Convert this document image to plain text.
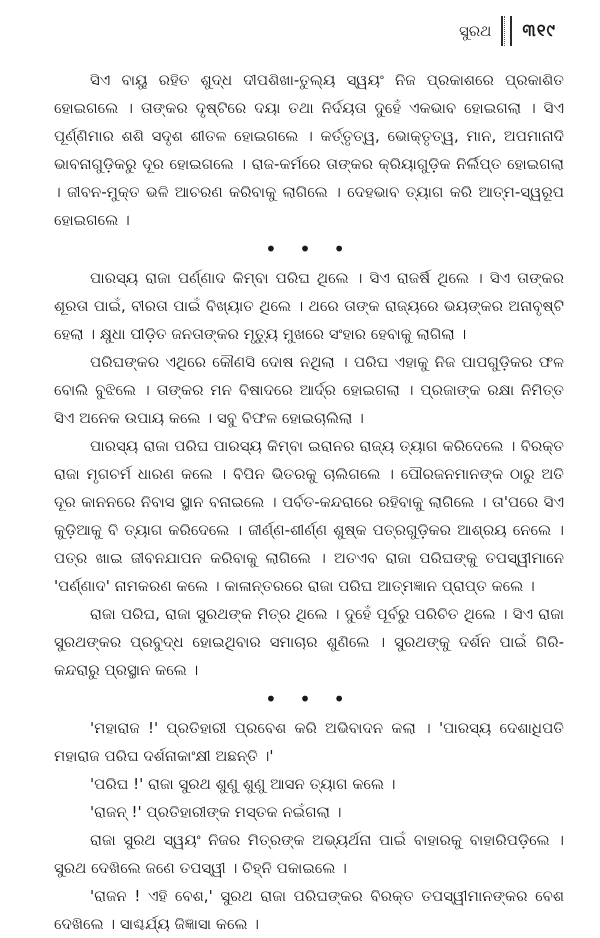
ସୁରଥ ୩୧୯

ସିଏ ବାୟୁ ରହିତ ଶୁଦ୍ଧ ଦୀପଶିଖା-ତୁଲ୍ୟ ସ୍ୱୟଂ ନିଜ ପ୍ରକାଶରେ ପ୍ରକାଶିତ ହୋଇଗଲେ । ତାଙ୍କର ଦୃଷ୍ଟିରେ ଦୟା ତଥା ନିର୍ଦୟତା ଦୁହେଁ ଏକଭାବ ହୋଇଗଲା । ସିଏ ପୂର୍ଣ୍ଣିମାର ଶଶି ସଦୃଶ ଶୀତଳ ହୋଇଗଲେ । କର୍ତ୍ତୃତ୍ୱ, ଭୋକ୍ତୃତ୍ୱ, ମାନ, ଅପମାନାଦି ଭାବନାଗୁଡ଼ିକରୁ ଦୂର ହୋଇଗଲେ । ରାଜ-କର୍ମରେ ତାଙ୍କର କ୍ରିୟାଗୁଡ଼ିକ ନିର୍ଲିପ୍ତ ହୋଇଗଲା । ଜୀବନ-ମୁକ୍ତ ଭଳି ଆଚରଣ କରିବାକୁ ଲାଗିଲେ । ଦେହଭାବ ତ୍ୟାଗ କରି ଆତ୍ମ-ସ୍ୱରୂପ ହୋଇଗଲେ ।

• • •

ପାରସ୍ୟ ରାଜା ପର୍ଣ୍ଣାଦ କିମ୍ବା ପରିଘ ଥିଲେ । ସିଏ ରାଜର୍ଷି ଥିଲେ । ସିଏ ତାଙ୍କର ଶୂରତା ପାଇଁ, ବୀରତା ପାଇଁ ବିଖ୍ୟାତ ଥିଲେ । ଥରେ ତାଙ୍କ ରାଜ୍ୟରେ ଭୟଙ୍କର ଅନାବୃଷ୍ଟି ହେଲା । କ୍ଷୁଧା ପୀଡ଼ିତ ଜନତାଙ୍କର ମୃତ୍ୟୁ ମୁଖରେ ସଂହାର ହେବାକୁ ଲାଗିଲା ।

ପରିଘଙ୍କର ଏଥିରେ କୌଣସି ଦୋଷ ନଥିଲା । ପରିଘ ଏହାକୁ ନିଜ ପାପଗୁଡ଼ିକର ଫଳ ବୋଲି ବୁଝିଲେ । ତାଙ୍କର ମନ ବିଷାଦରେ ଆର୍ଦ୍ର ହୋଇଗଲା । ପ୍ରଜାଙ୍କ ରକ୍ଷା ନିମିତ୍ତ ସିଏ ଅନେକ ଉପାୟ କଲେ । ସବୁ ବିଫଳ ହୋଇଚାଲିଲା ।

ପାରସ୍ୟ ରାଜା ପରିଘ ପାରସ୍ୟ କିମ୍ବା ଇରାନର ରାଜ୍ୟ ତ୍ୟାଗ କରିଦେଲେ । ବିରକ୍ତ ରାଜା ମୃଗଚର୍ମ ଧାରଣ କଲେ । ବିପିନ ଭିତରକୁ ଚାଲିଗଲେ । ପୌରଜନମାନଙ୍କ ଠାରୁ ଅତି ଦୂର କାନନରେ ନିବାସ ସ୍ଥାନ ବନାଇଲେ । ପର୍ବତ-କନ୍ଦରାରେ ରହିବାକୁ ଲାଗିଲେ । ତା'ପରେ ସିଏ କୁଡ଼ିଆକୁ ବି ତ୍ୟାଗ କରିଦେଲେ । ଜୀର୍ଣ୍ଣ-ଶୀର୍ଣ୍ଣ ଶୁଷ୍କ ପତ୍ରଗୁଡ଼ିକର ଆଶ୍ରୟ ନେଲେ । ପତ୍ର ଖାଇ ଜୀବନଯାପନ କରିବାକୁ ଲାଗିଲେ । ଅତଏବ ରାଜା ପରିଘଙ୍କୁ ତପସ୍ୱୀମାନେ 'ପର୍ଣ୍ଣାଦ' ନାମକରଣ କଲେ । କାଳାନ୍ତରରେ ରାଜା ପରିଘ ଆତ୍ମଜ୍ଞାନ ପ୍ରାପ୍ତ କଲେ ।

ରାଜା ପରିଘ, ରାଜା ସୁରଥଙ୍କ ମିତ୍ର ଥିଲେ । ଦୁହେଁ ପୂର୍ବରୁ ପରିଚିତ ଥିଲେ । ସିଏ ରାଜା ସୁରଥଙ୍କର ପ୍ରବୁଦ୍ଧ ହୋଇଥିବାର ସମାଚାର ଶୁଣିଲେ । ସୁରଥଙ୍କୁ ଦର୍ଶନ ପାଇଁ ଗିରି-କନ୍ଦରାରୁ ପ୍ରସ୍ଥାନ କଲେ ।

• • •

'ମହାରାଜ !' ପ୍ରତିହାରୀ ପ୍ରବେଶ କରି ଅଭିବାଦନ କଲା । 'ପାରସ୍ୟ ଦେଶାଧିପତି ମହାରାଜ ପରିଘ ଦର୍ଶନାକାଂକ୍ଷୀ ଅଛନ୍ତି ।'

'ପରିଘ !' ରାଜା ସୁରଥ ଶୁଣୁ ଶୁଣୁ ଆସନ ତ୍ୟାଗ କଲେ ।

'ରାଜନ୍ !' ପ୍ରତିହାରୀଙ୍କ ମସ୍ତକ ନଇଁଗଲା ।

ରାଜା ସୁରଥ ସ୍ୱୟଂ ନିଜର ମିତ୍ରଙ୍କ ଅଭ୍ୟର୍ଥନା ପାଇଁ ବାହାରକୁ ବାହାରିପଡ଼ିଲେ । ସୁରଥ ଦେଖିଲେ ଜଣେ ତପସ୍ୱୀ । ଚିହ୍ନି ପକାଇଲେ ।

'ରାଜନ ! ଏହି ବେଶ,' ସୁରଥ ରାଜା ପରିଘଙ୍କର ବିରକ୍ତ ତପସ୍ୱୀମାନଙ୍କର ବେଶ ଦେଖିଲେ । ସାଶ୍ଚର୍ଯ୍ୟ ଜିଜ୍ଞାସା କଲେ ।
